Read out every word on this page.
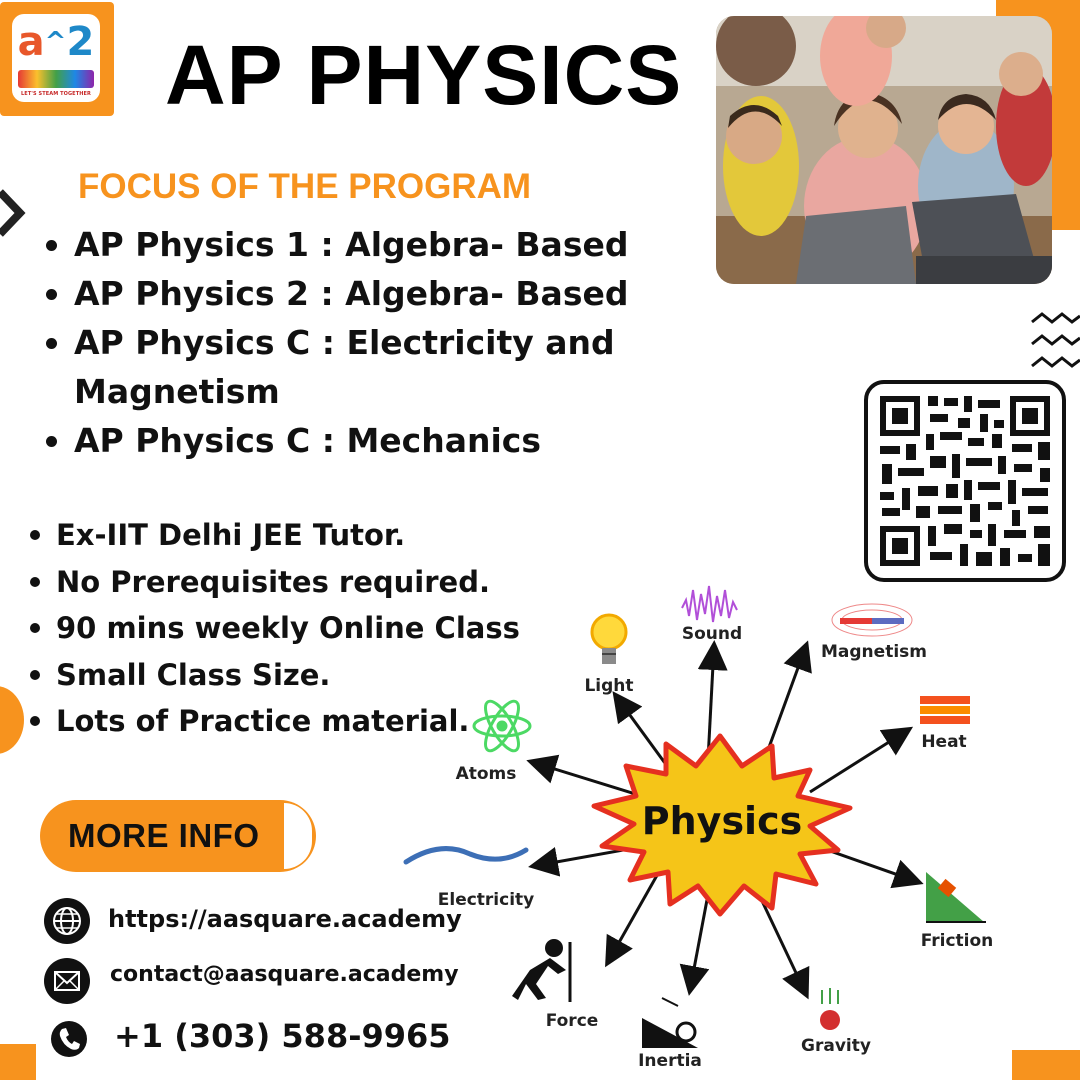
a^2
LET'S STEAM TOGETHER AP PHYSICS
FOCUS OF THE PROGRAM
AP Physics 1 : Algebra- Based
AP Physics 2 : Algebra- Based
AP Physics C : Electricity and Magnetism
AP Physics C : Mechanics
Ex-IIT Delhi JEE Tutor.
No Prerequisites required.
90 mins weekly Online Class
Small Class Size.
Lots of Practice material.
MORE INFO
https://aasquare.academy
contact@aasquare.academy
+1 (303) 588-9965
Physics
Light
Sound
Magnetism
Heat
Friction
Gravity
Inertia
Force
Electricity
Atoms
